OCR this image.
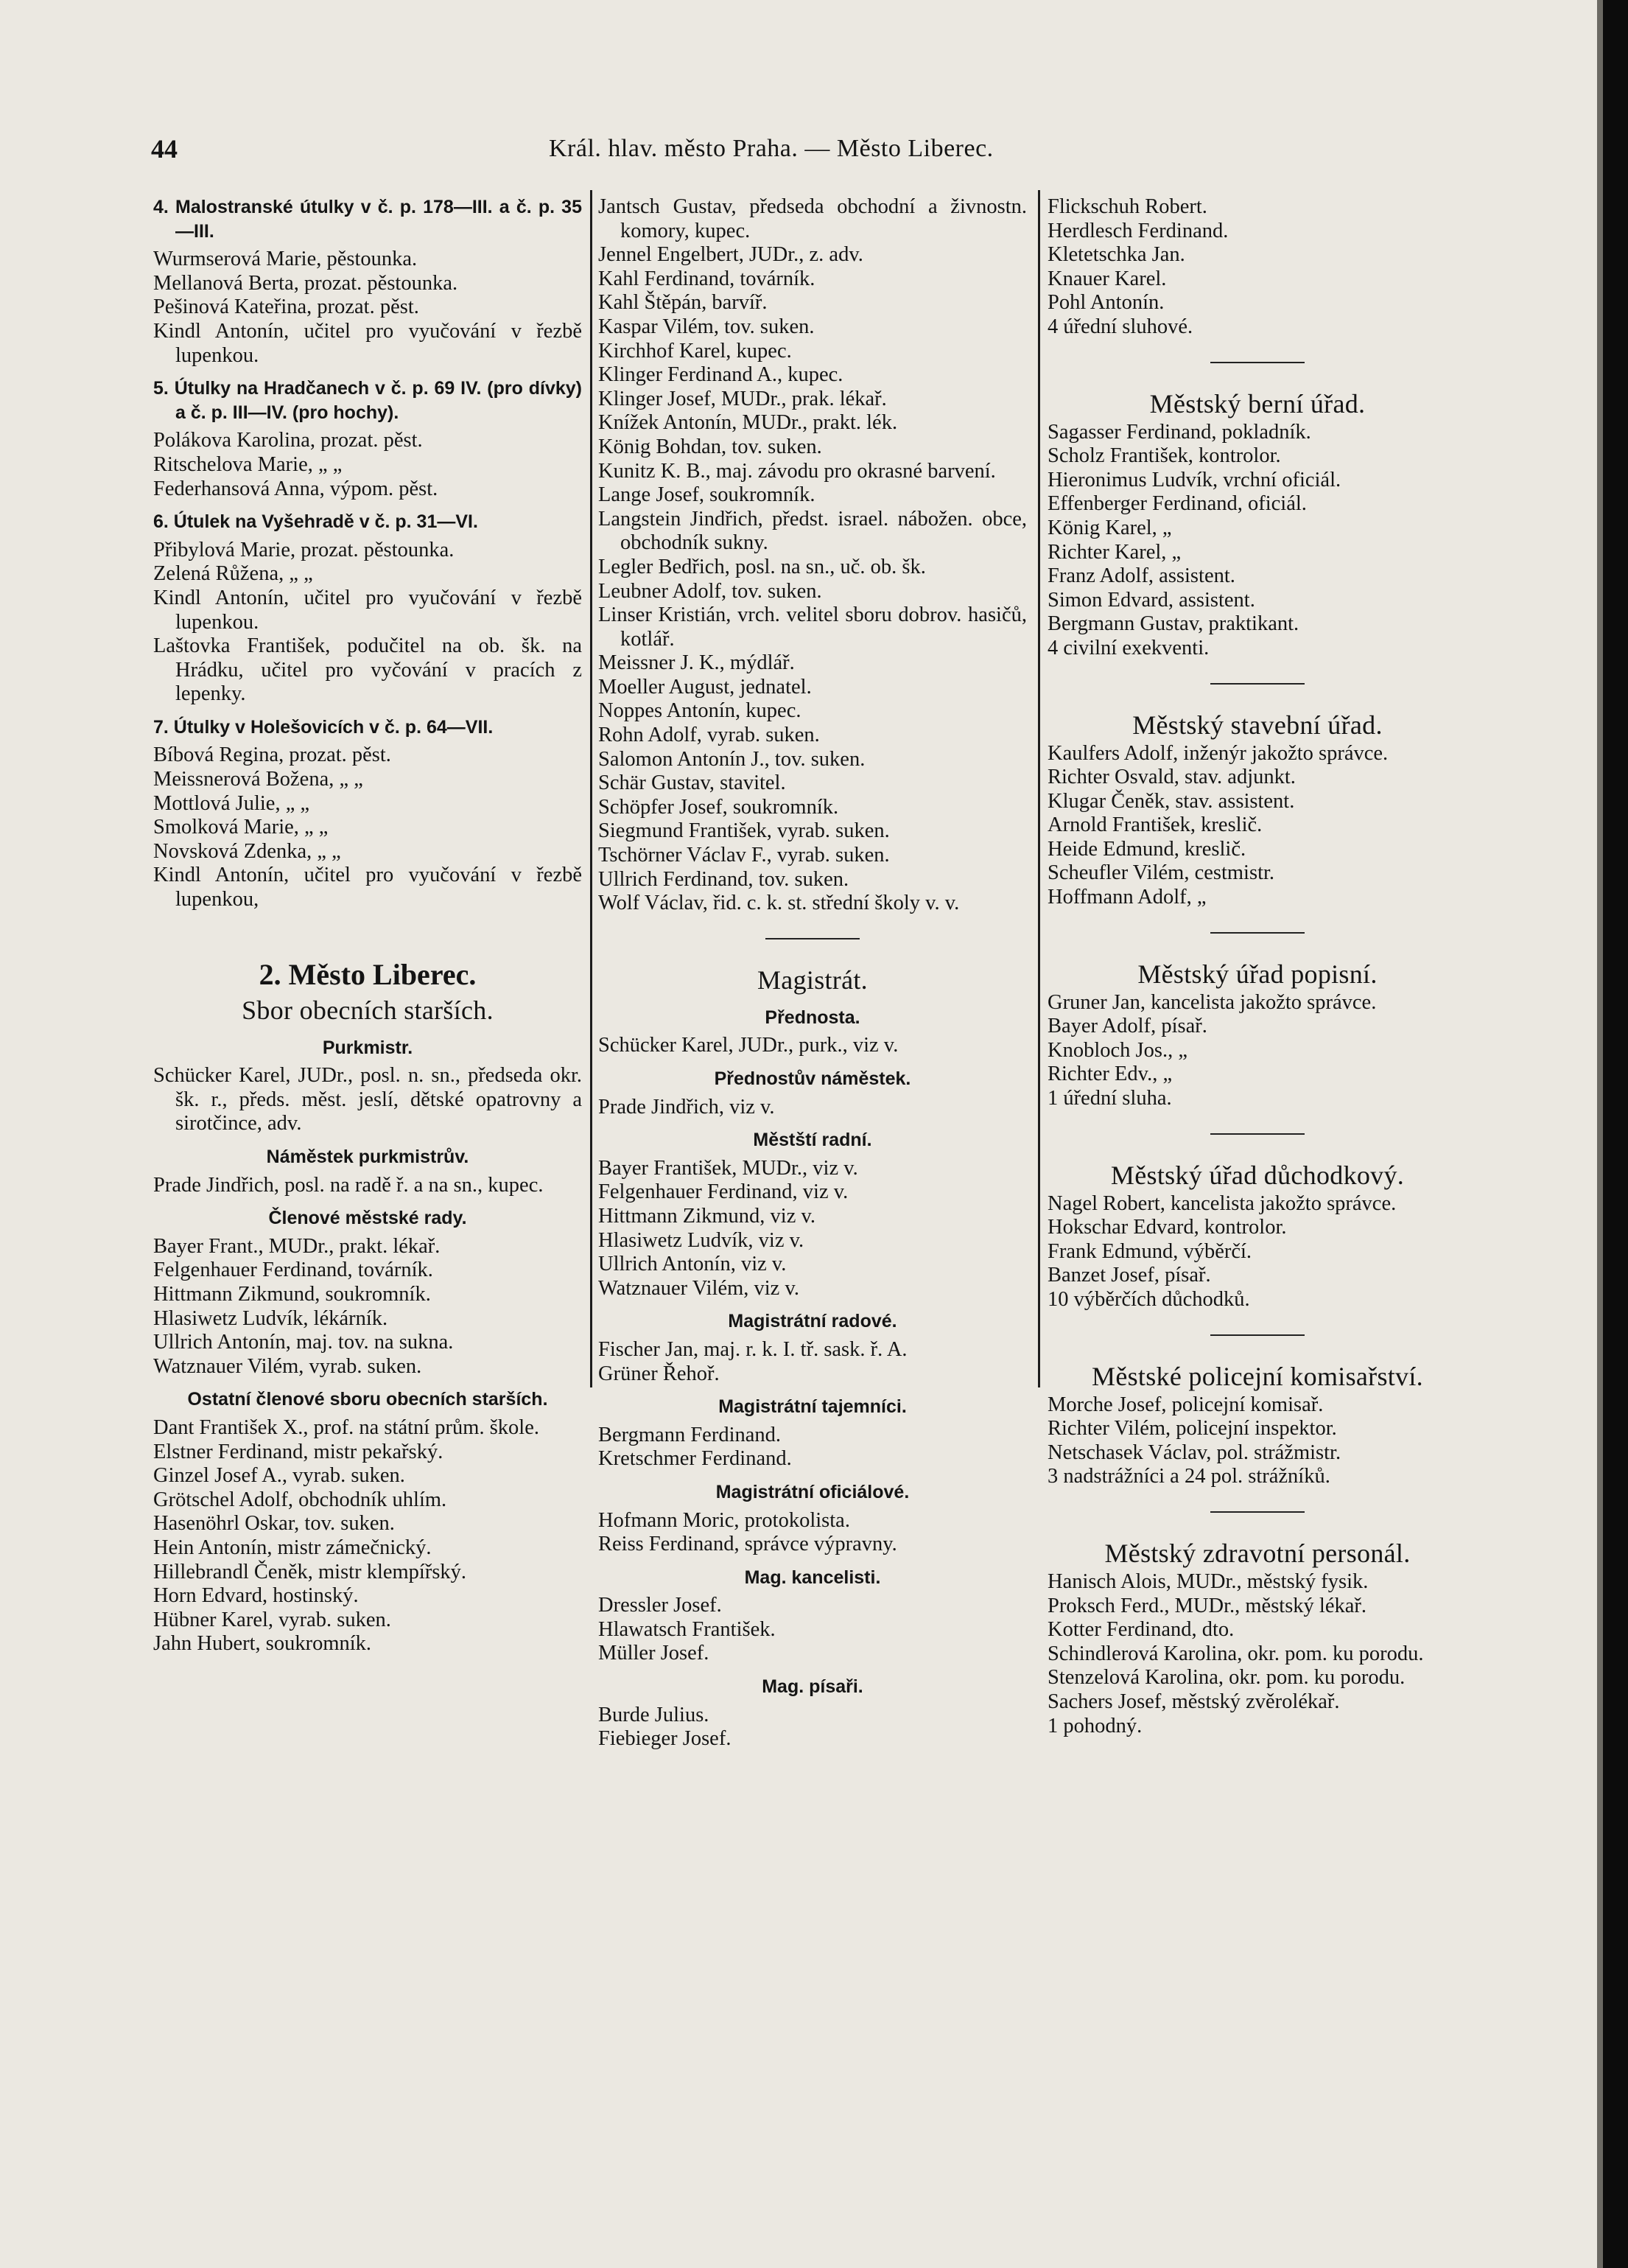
44	Král. hlav. město Praha. — Město Liberec.

4. Malostranské útulky v č. p. 178—III. a č. p. 35—III.

Wurmserová Marie, pěstounka.

Mellanová Berta, prozat. pěstounka.

Pešinová Kateřina, prozat. pěst.

Kindl Antonín, učitel pro vyučování v řezbě lupenkou.

5. Útulky na Hradčanech v č. p. 69 IV. (pro dívky) a č. p. III—IV. (pro hochy).

Polákova Karolina, prozat. pěst.

Ritschelova Marie, „ „

Federhansová Anna, výpom. pěst.

6. Útulek na Vyšehradě v č. p. 31—VI.

Přibylová Marie, prozat. pěstounka.

Zelená Růžena, „ „

Kindl Antonín, učitel pro vyučování v řezbě lupenkou.

Laštovka František, podučitel na ob. šk. na Hrádku, učitel pro vyčování v pracích z lepenky.

7. Útulky v Holešovicích v č. p. 64—VII.

Bíbová Regina, prozat. pěst.

Meissnerová Božena, „ „

Mottlová Julie, „ „

Smolková Marie, „ „

Novsková Zdenka, „ „

Kindl Antonín, učitel pro vyučování v řezbě lupenkou,

2. Město Liberec.

Sbor obecních starších.

Purkmistr.

Schücker Karel, JUDr., posl. n. sn., předseda okr. šk. r., předs. měst. jeslí, dětské opatrovny a sirotčince, adv.

Náměstek purkmistrův.

Prade Jindřich, posl. na radě ř. a na sn., kupec.

Členové městské rady.

Bayer Frant., MUDr., prakt. lékař.

Felgenhauer Ferdinand, továrník.

Hittmann Zikmund, soukromník.

Hlasiwetz Ludvík, lékárník.

Ullrich Antonín, maj. tov. na sukna.

Watznauer Vilém, vyrab. suken.

Ostatní členové sboru obecních starších.

Dant František X., prof. na státní prům. škole.

Elstner Ferdinand, mistr pekařský.

Ginzel Josef A., vyrab. suken.

Grötschel Adolf, obchodník uhlím.

Hasenöhrl Oskar, tov. suken.

Hein Antonín, mistr zámečnický.

Hillebrandl Čeněk, mistr klempířský.

Horn Edvard, hostinský.

Hübner Karel, vyrab. suken.

Jahn Hubert, soukromník.

Jantsch Gustav, předseda obchodní a živnostn. komory, kupec.

Jennel Engelbert, JUDr., z. adv.

Kahl Ferdinand, továrník.

Kahl Štěpán, barvíř.

Kaspar Vilém, tov. suken.

Kirchhof Karel, kupec.

Klinger Ferdinand A., kupec.

Klinger Josef, MUDr., prak. lékař.

Knížek Antonín, MUDr., prakt. lék.

König Bohdan, tov. suken.

Kunitz K. B., maj. závodu pro okrasné barvení.

Lange Josef, soukromník.

Langstein Jindřich, předst. israel. nábožen. obce, obchodník sukny.

Legler Bedřich, posl. na sn., uč. ob. šk.

Leubner Adolf, tov. suken.

Linser Kristián, vrch. velitel sboru dobrov. hasičů, kotlář.

Meissner J. K., mýdlář.

Moeller August, jednatel.

Noppes Antonín, kupec.

Rohn Adolf, vyrab. suken.

Salomon Antonín J., tov. suken.

Schär Gustav, stavitel.

Schöpfer Josef, soukromník.

Siegmund František, vyrab. suken.

Tschörner Václav F., vyrab. suken.

Ullrich Ferdinand, tov. suken.

Wolf Václav, řid. c. k. st. střední školy v. v.

Magistrát.

Přednosta.

Schücker Karel, JUDr., purk., viz v.

Přednostův náměstek.

Prade Jindřich, viz v.

Městští radní.

Bayer František, MUDr., viz v.

Felgenhauer Ferdinand, viz v.

Hittmann Zikmund, viz v.

Hlasiwetz Ludvík, viz v.

Ullrich Antonín, viz v.

Watznauer Vilém, viz v.

Magistrátní radové.

Fischer Jan, maj. r. k. I. tř. sask. ř. A.

Grüner Řehoř.

Magistrátní tajemníci.

Bergmann Ferdinand.

Kretschmer Ferdinand.

Magistrátní oficiálové.

Hofmann Moric, protokolista.

Reiss Ferdinand, správce výpravny.

Mag. kancelisti.

Dressler Josef.

Hlawatsch František.

Müller Josef.

Mag. písaři.

Burde Julius.

Fiebieger Josef.

Flickschuh Robert.

Herdlesch Ferdinand.

Kletetschka Jan.

Knauer Karel.

Pohl Antonín.

4 úřední sluhové.

Městský berní úřad.

Sagasser Ferdinand, pokladník.

Scholz František, kontrolor.

Hieronimus Ludvík, vrchní oficiál.

Effenberger Ferdinand, oficiál.

König Karel, „

Richter Karel, „

Franz Adolf, assistent.

Simon Edvard, assistent.

Bergmann Gustav, praktikant.

4 civilní exekventi.

Městský stavební úřad.

Kaulfers Adolf, inženýr jakožto správce.

Richter Osvald, stav. adjunkt.

Klugar Čeněk, stav. assistent.

Arnold František, kreslič.

Heide Edmund, kreslič.

Scheufler Vilém, cestmistr.

Hoffmann Adolf, „

Městský úřad popisní.

Gruner Jan, kancelista jakožto správce.

Bayer Adolf, písař.

Knobloch Jos., „

Richter Edv., „

1 úřední sluha.

Městský úřad důchodkový.

Nagel Robert, kancelista jakožto správce.

Hokschar Edvard, kontrolor.

Frank Edmund, výběrčí.

Banzet Josef, písař.

10 výběrčích důchodků.

Městské policejní komisařství.

Morche Josef, policejní komisař.

Richter Vilém, policejní inspektor.

Netschasek Václav, pol. strážmistr.

3 nadstrážníci a 24 pol. strážníků.

Městský zdravotní personál.

Hanisch Alois, MUDr., městský fysik.

Proksch Ferd., MUDr., městský lékař.

Kotter Ferdinand, dto.

Schindlerová Karolina, okr. pom. ku porodu.

Stenzelová Karolina, okr. pom. ku porodu.

Sachers Josef, městský zvěrolékař.

1 pohodný.
